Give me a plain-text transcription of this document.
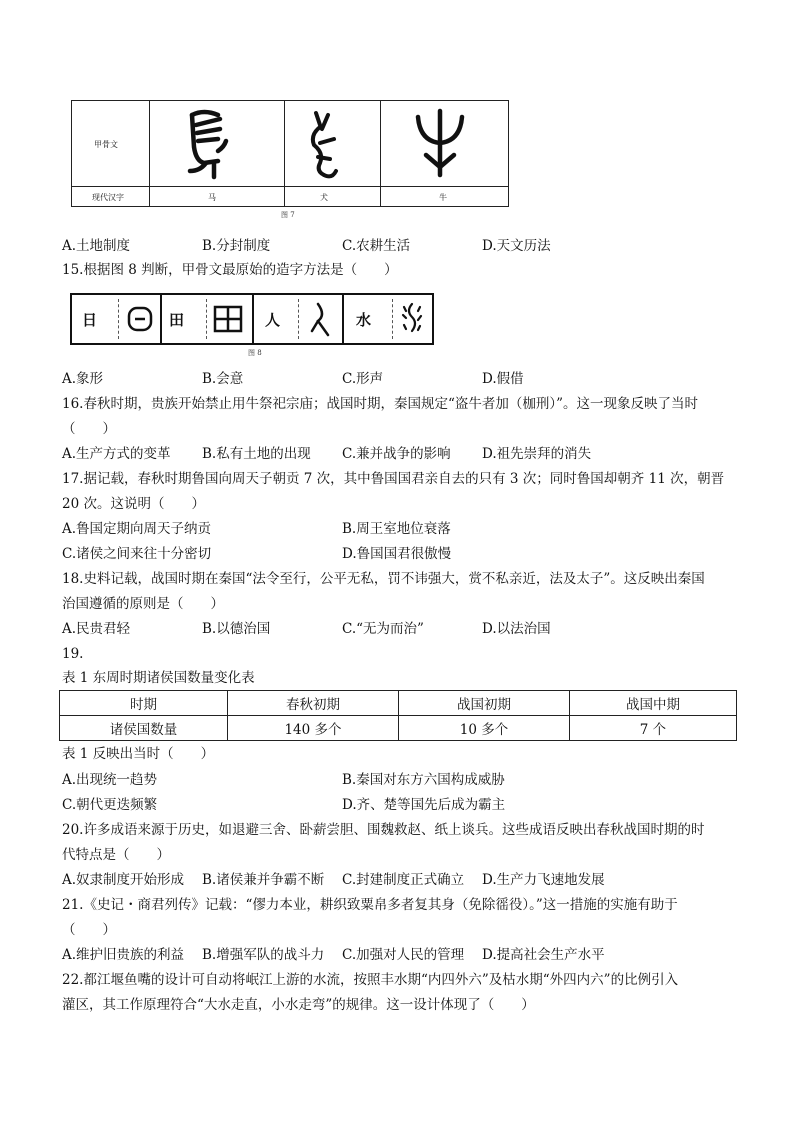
甲骨文
现代汉字	马	犬	牛
图 7
A.土地制度	B.分封制度	C.农耕生活	D.天文历法
15.根据图 8 判断，甲骨文最原始的造字方法是（　　）
日	田	人	水
图 8
A.象形	B.会意	C.形声	D.假借
16.春秋时期，贵族开始禁止用牛祭祀宗庙；战国时期，秦国规定“盗牛者加（枷刑）”。这一现象反映了当时
（　　）
A.生产方式的变革 B.私有土地的出现 C.兼并战争的影响 D.祖先崇拜的消失
17.据记载，春秋时期鲁国向周天子朝贡 7 次，其中鲁国国君亲自去的只有 3 次；同时鲁国却朝齐 11 次，朝晋
20 次。这说明（　　）
A.鲁国定期向周天子纳贡	B.周王室地位衰落
C.诸侯之间来往十分密切	D.鲁国国君很傲慢
18.史料记载，战国时期在秦国“法令至行，公平无私，罚不讳强大，赏不私亲近，法及太子”。这反映出秦国
治国遵循的原则是（　　）
A.民贵君轻	B.以德治国	C.“无为而治”	D.以法治国
19.
表 1 东周时期诸侯国数量变化表
时期	春秋初期	战国初期	战国中期
诸侯国数量	140 多个	10 多个	7 个
表 1 反映出当时（　　）
A.出现统一趋势	B.秦国对东方六国构成威胁
C.朝代更迭频繁	D.齐、楚等国先后成为霸主
20.许多成语来源于历史，如退避三舍、卧薪尝胆、围魏救赵、纸上谈兵。这些成语反映出春秋战国时期的时
代特点是（　　）
A.奴隶制度开始形成 B.诸侯兼并争霸不断 C.封建制度正式确立 D.生产力飞速地发展
21.《史记・商君列传》记载：“僇力本业，耕织致粟帛多者复其身（免除徭役）。”这一措施的实施有助于
（　　）
A.维护旧贵族的利益 B.增强军队的战斗力 C.加强对人民的管理 D.提高社会生产水平
22.都江堰鱼嘴的设计可自动将岷江上游的水流，按照丰水期“内四外六”及枯水期“外四内六”的比例引入
灌区，其工作原理符合“大水走直，小水走弯”的规律。这一设计体现了（　　）
